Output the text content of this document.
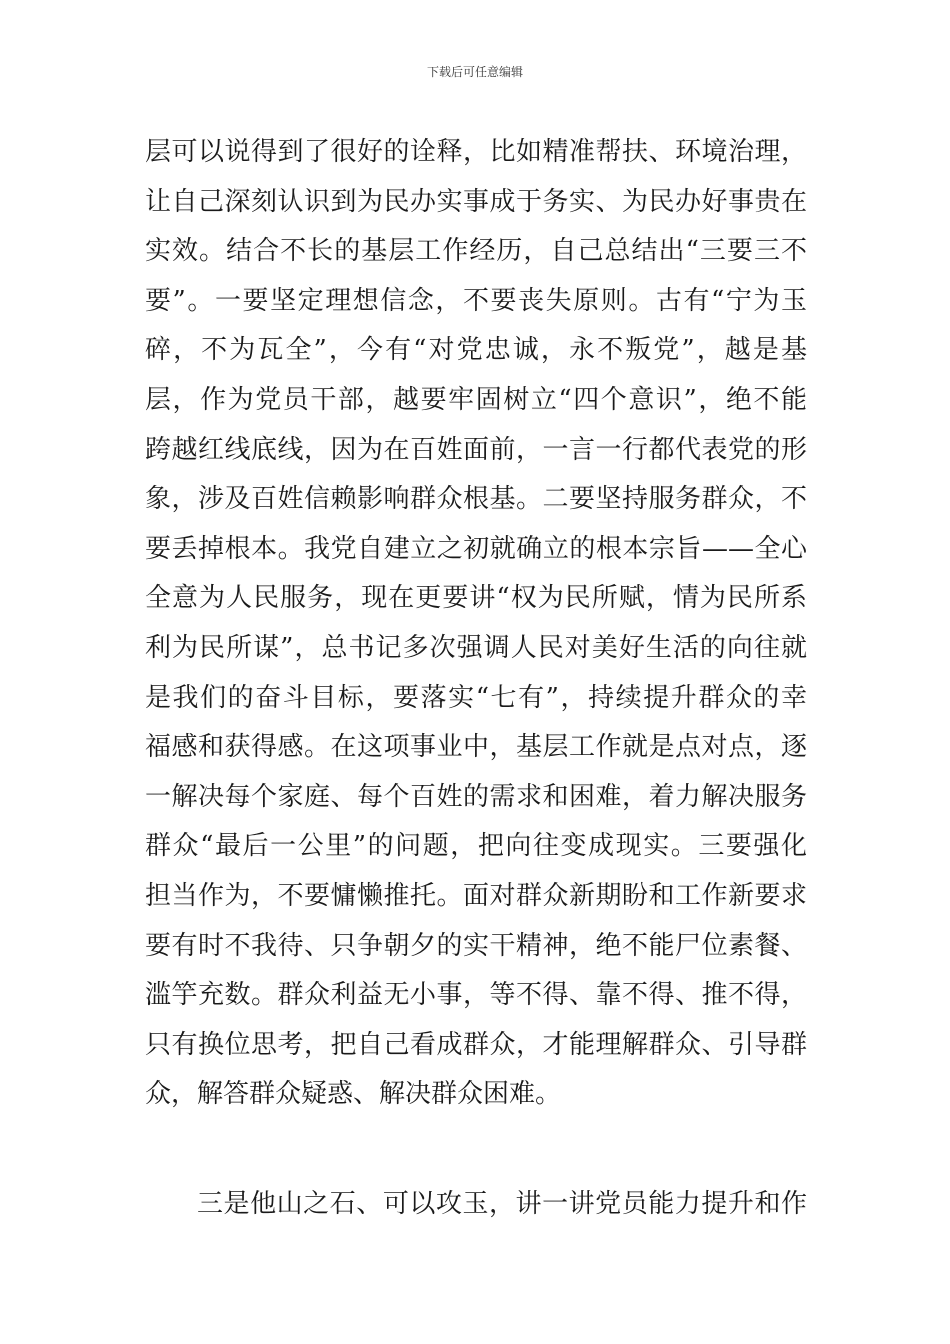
下载后可任意编辑
层可以说得到了很好的诠释，比如精准帮扶、环境治理，
让自己深刻认识到为民办实事成于务实、为民办好事贵在
实效。结合不长的基层工作经历，自己总结出“三要三不
要”。一要坚定理想信念，不要丧失原则。古有“宁为玉
碎，不为瓦全”，今有“对党忠诚，永不叛党”，越是基
层，作为党员干部，越要牢固树立“四个意识”，绝不能
跨越红线底线，因为在百姓面前，一言一行都代表党的形
象，涉及百姓信赖影响群众根基。二要坚持服务群众，不
要丢掉根本。我党自建立之初就确立的根本宗旨——全心
全意为人民服务，现在更要讲“权为民所赋，情为民所系
利为民所谋”，总书记多次强调人民对美好生活的向往就
是我们的奋斗目标，要落实“七有”，持续提升群众的幸
福感和获得感。在这项事业中，基层工作就是点对点，逐
一解决每个家庭、每个百姓的需求和困难，着力解决服务
群众“最后一公里”的问题，把向往变成现实。三要强化
担当作为，不要慵懒推托。面对群众新期盼和工作新要求
要有时不我待、只争朝夕的实干精神，绝不能尸位素餐、
滥竽充数。群众利益无小事，等不得、靠不得、推不得，
只有换位思考，把自己看成群众，才能理解群众、引导群
众，解答群众疑惑、解决群众困难。
三是他山之石、可以攻玉，讲一讲党员能力提升和作
